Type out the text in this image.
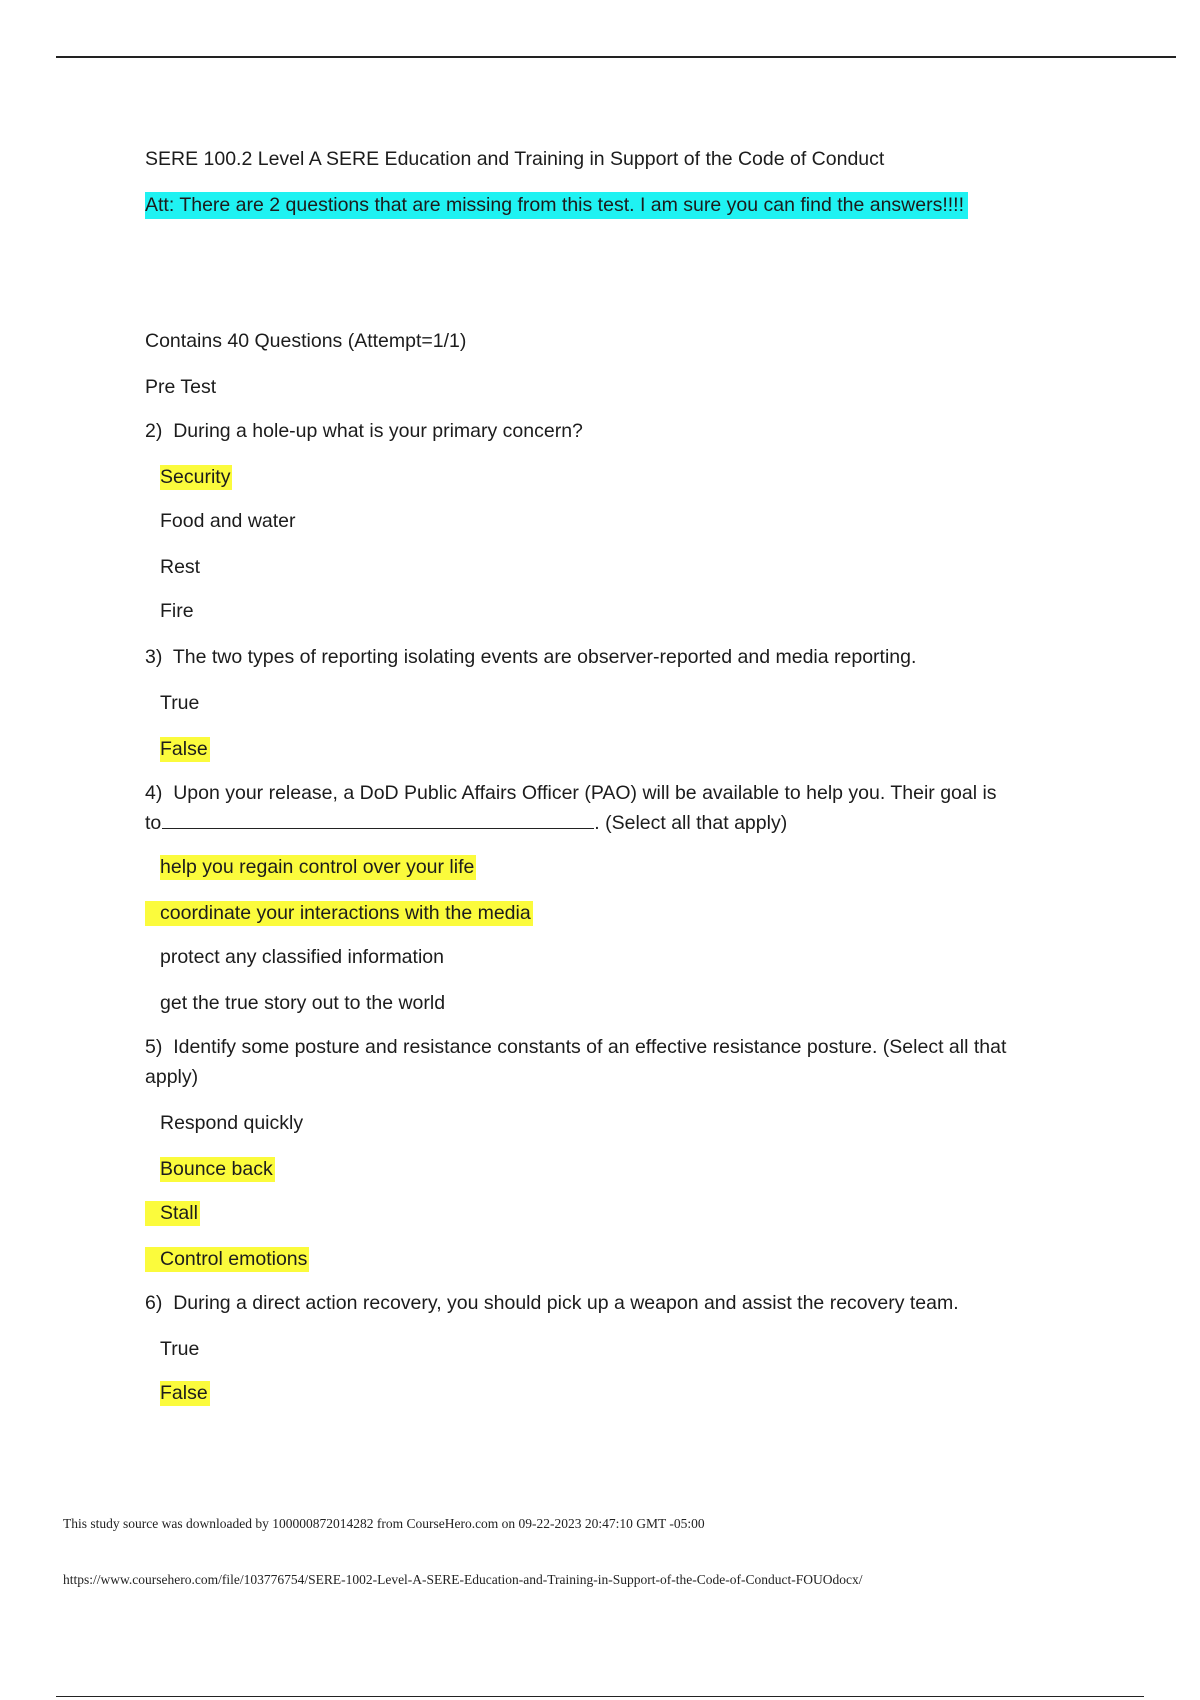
SERE 100.2 Level A SERE Education and Training in Support of the Code of Conduct
Att: There are 2 questions that are missing from this test. I am sure you can find the answers!!!!
Contains 40 Questions (Attempt=1/1)
Pre Test
2) During a hole-up what is your primary concern?
Security
Food and water
Rest
Fire
3) The two types of reporting isolating events are observer-reported and media reporting.
True
False
4) Upon your release, a DoD Public Affairs Officer (PAO) will be available to help you. Their goal is
to	. (Select all that apply)
help you regain control over your life
coordinate your interactions with the media
protect any classified information
get the true story out to the world
5) Identify some posture and resistance constants of an effective resistance posture. (Select all that
apply)
Respond quickly
Bounce back
Stall
Control emotions
6) During a direct action recovery, you should pick up a weapon and assist the recovery team.
True
False
This study source was downloaded by 100000872014282 from CourseHero.com on 09-22-2023 20:47:10 GMT -05:00
https://www.coursehero.com/file/103776754/SERE-1002-Level-A-SERE-Education-and-Training-in-Support-of-the-Code-of-Conduct-FOUOdocx/
